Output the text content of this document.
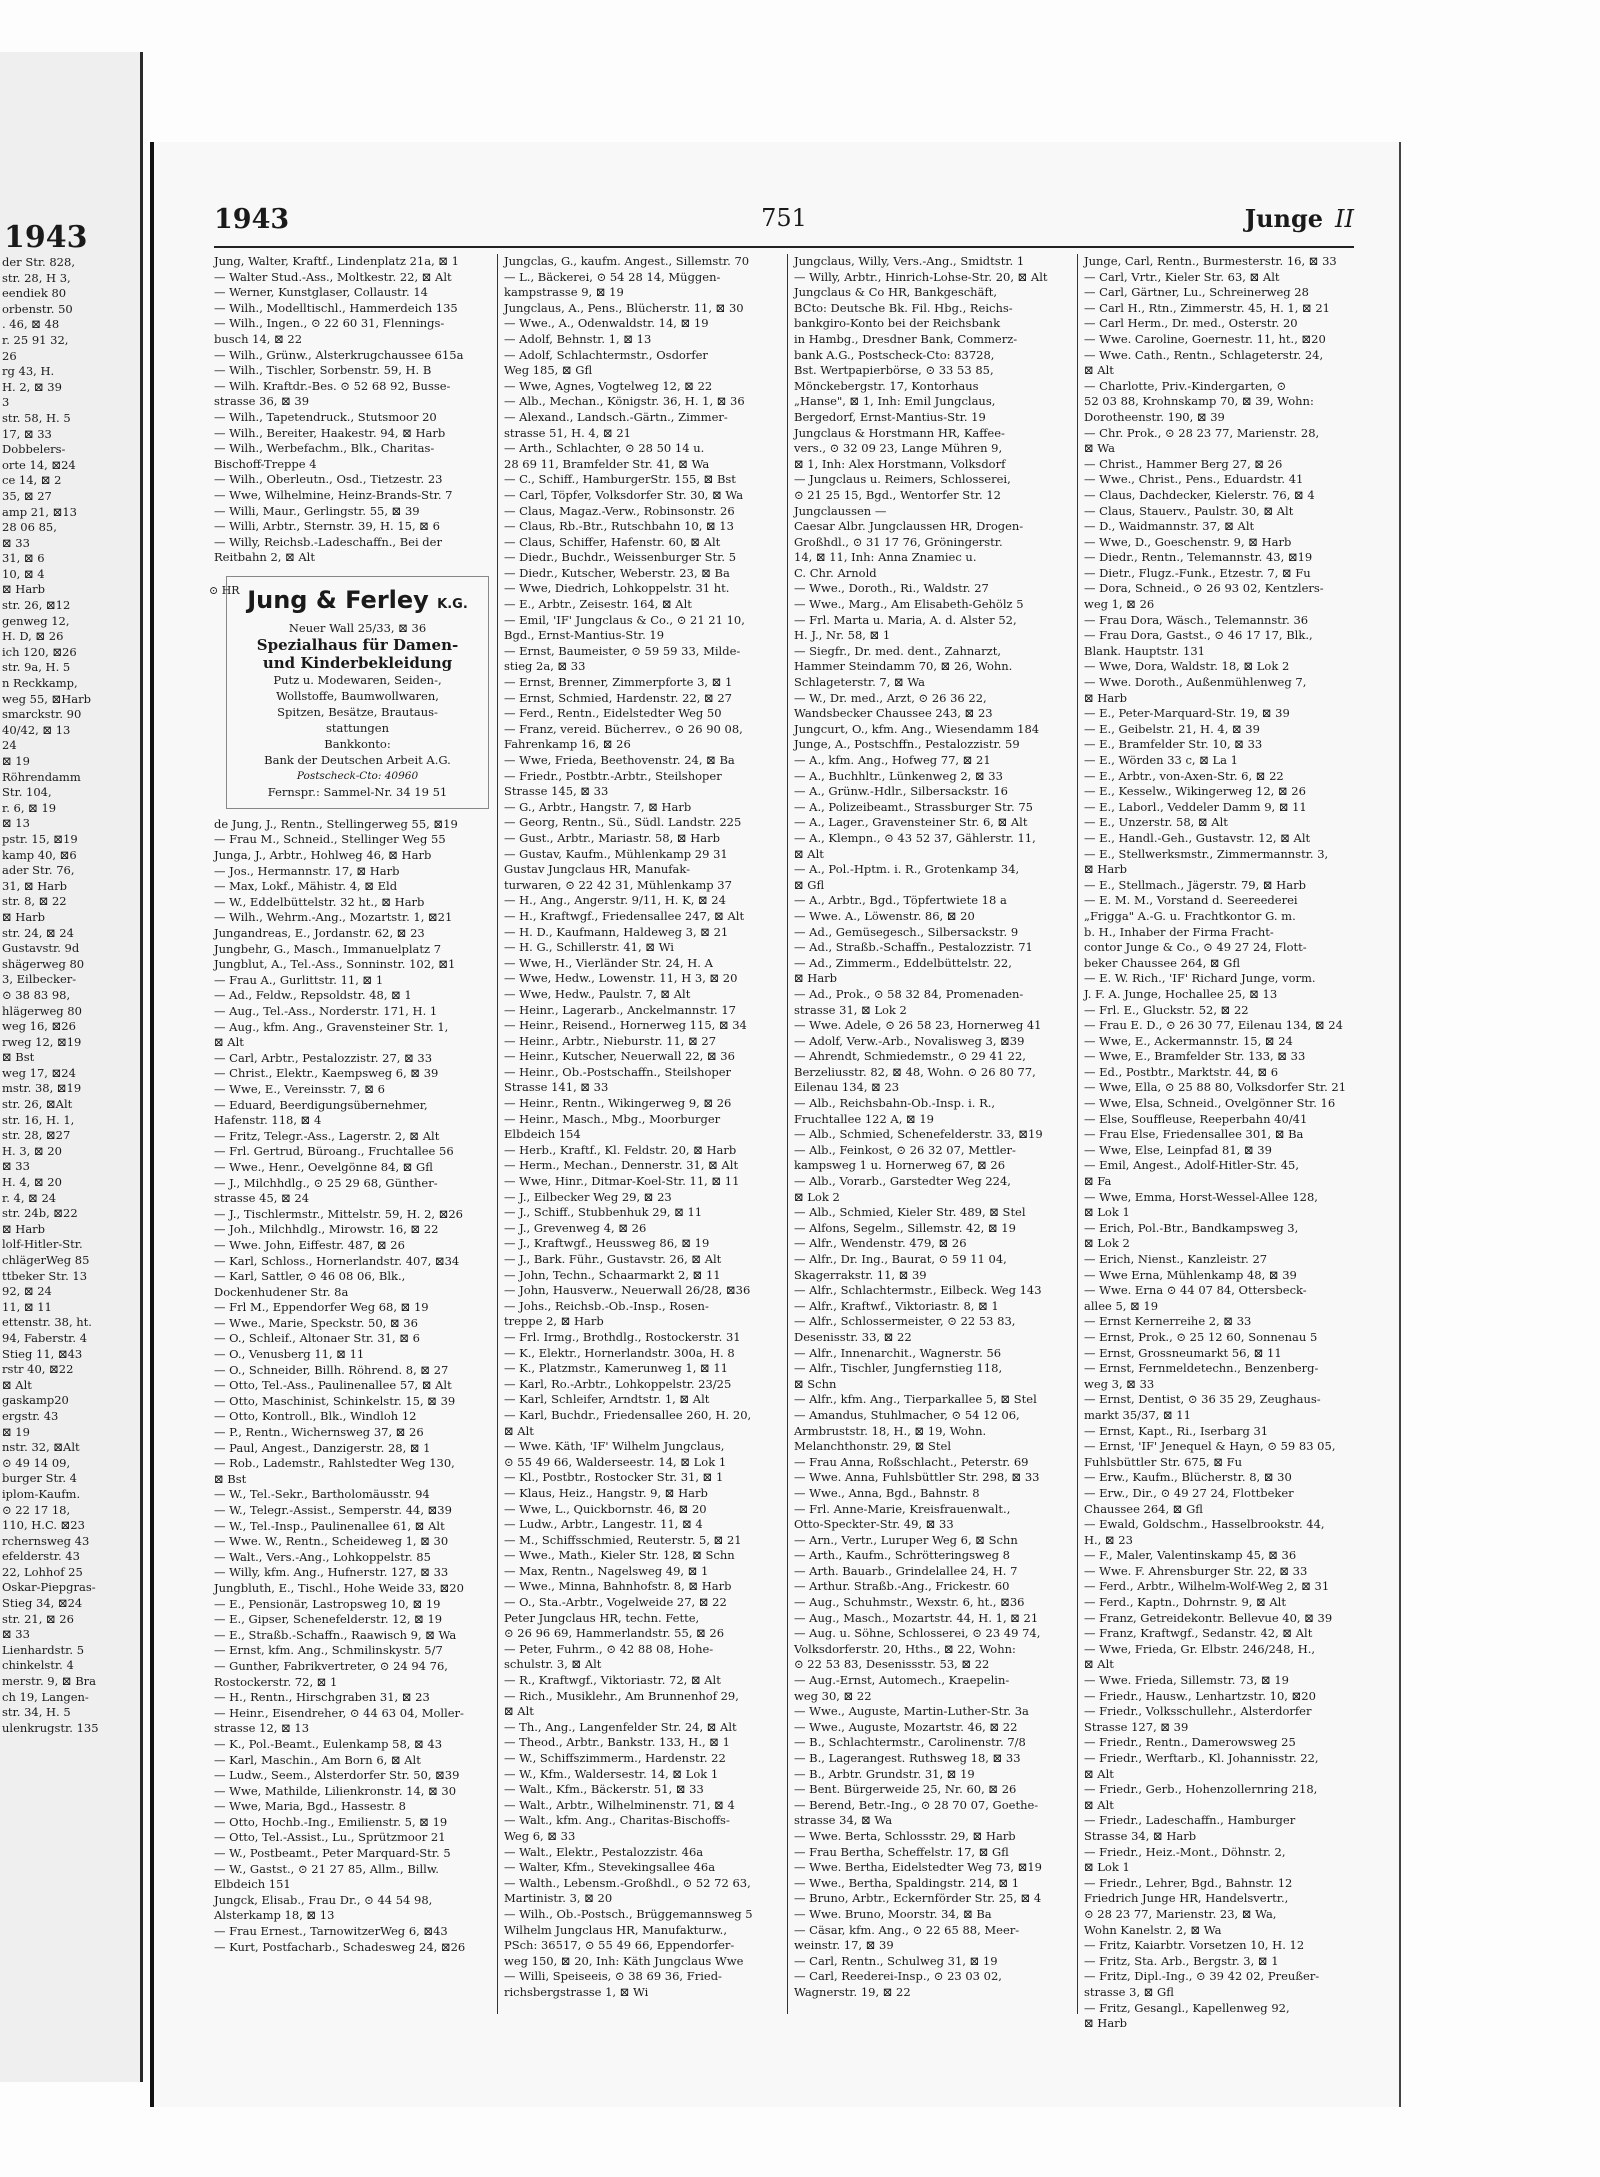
1943
der Str. 828,
str. 28, H 3,
eendiek 80
orbenstr. 50
. 46, ⊠ 48
r. 25 91 32,
26
rg 43, H.
H. 2, ⊠ 39
3
str. 58, H. 5
17, ⊠ 33
Dobbelers-
orte 14, ⊠24
ce 14, ⊠ 2
35, ⊠ 27
amp 21, ⊠13
28 06 85,
⊠ 33
31, ⊠ 6
10, ⊠ 4
⊠ Harb
str. 26, ⊠12
genweg 12,
H. D, ⊠ 26
ich 120, ⊠26
str. 9a, H. 5
n Reckkamp,
weg 55, ⊠Harb
smarckstr. 90
40/42, ⊠ 13
24
⊠ 19
Röhrendamm
Str. 104,
r. 6, ⊠ 19
⊠ 13
pstr. 15, ⊠19
kamp 40, ⊠6
ader Str. 76,
31, ⊠ Harb
str. 8, ⊠ 22
⊠ Harb
str. 24, ⊠ 24
Gustavstr. 9d
shägerweg 80
3, Eilbecker-
⊙ 38 83 98,
hlägerweg 80
weg 16, ⊠26
rweg 12, ⊠19
⊠ Bst
weg 17, ⊠24
mstr. 38, ⊠19
str. 26, ⊠Alt
str. 16, H. 1,
str. 28, ⊠27
H. 3, ⊠ 20
⊠ 33
H. 4, ⊠ 20
r. 4, ⊠ 24
str. 24b, ⊠22
⊠ Harb
lolf-Hitler-Str.
chlägerWeg 85
ttbeker Str. 13
92, ⊠ 24
11, ⊠ 11
ettenstr. 38, ht.
94, Faberstr. 4
Stieg 11, ⊠43
rstr 40, ⊠22
⊠ Alt
gaskamp20
ergstr. 43
⊠ 19
nstr. 32, ⊠Alt
⊙ 49 14 09,
burger Str. 4
iplom-Kaufm.
⊙ 22 17 18,
110, H.C. ⊠23
rchernsweg 43
efelderstr. 43
22, Lohhof 25
Oskar-Piepgras-
Stieg 34, ⊠24
str. 21, ⊠ 26
⊠ 33
Lienhardstr. 5
chinkelstr. 4
merstr. 9, ⊠ Bra
ch 19, Langen-
str. 34, H. 5
ulenkrugstr. 135
1943	751	Junge II
Jung, Walter, Kraftf., Lindenplatz 21a, ⊠ 1
— Walter Stud.-Ass., Moltkestr. 22, ⊠ Alt
— Werner, Kunstglaser, Collaustr. 14
— Wilh., Modelltischl., Hammerdeich 135
— Wilh., Ingen., ⊙ 22 60 31, Flennings-
busch 14, ⊠ 22
— Wilh., Grünw., Alsterkrugchaussee 615a
— Wilh., Tischler, Sorbenstr. 59, H. B
— Wilh. Kraftdr.-Bes. ⊙ 52 68 92, Busse-
strasse 36, ⊠ 39
— Wilh., Tapetendruck., Stutsmoor 20
— Wilh., Bereiter, Haakestr. 94, ⊠ Harb
— Wilh., Werbefachm., Blk., Charitas-
Bischoff-Treppe 4
— Wilh., Oberleutn., Osd., Tietzestr. 23
— Wwe, Wilhelmine, Heinz-Brands-Str. 7
— Willi, Maur., Gerlingstr. 55, ⊠ 39
— Willi, Arbtr., Sternstr. 39, H. 15, ⊠ 6
— Willy, Reichsb.-Ladeschaffn., Bei der
Reitbahn 2, ⊠ Alt
⊙ HR Jung & Ferley K.G.
Neuer Wall 25/33, ⊠ 36
Spezialhaus für Damen-
und Kinderbekleidung
Putz u. Modewaren, Seiden-,
Wollstoffe, Baumwollwaren,
Spitzen, Besätze, Brautaus-
stattungen
Bankkonto:
Bank der Deutschen Arbeit A.G.
Postscheck-Cto: 40960
Fernspr.: Sammel-Nr. 34 19 51
de Jung, J., Rentn., Stellingerweg 55, ⊠19
— Frau M., Schneid., Stellinger Weg 55
Junga, J., Arbtr., Hohlweg 46, ⊠ Harb
— Jos., Hermannstr. 17, ⊠ Harb
— Max, Lokf., Mähistr. 4, ⊠ Eld
— W., Eddelbüttelstr. 32 ht., ⊠ Harb
— Wilh., Wehrm.-Ang., Mozartstr. 1, ⊠21
Jungandreas, E., Jordanstr. 62, ⊠ 23
Jungbehr, G., Masch., Immanuelplatz 7
Jungblut, A., Tel.-Ass., Sonninstr. 102, ⊠1
— Frau A., Gurlittstr. 11, ⊠ 1
— Ad., Feldw., Repsoldstr. 48, ⊠ 1
— Aug., Tel.-Ass., Norderstr. 171, H. 1
— Aug., kfm. Ang., Gravensteiner Str. 1,
⊠ Alt
— Carl, Arbtr., Pestalozzistr. 27, ⊠ 33
— Christ., Elektr., Kaempsweg 6, ⊠ 39
— Wwe, E., Vereinsstr. 7, ⊠ 6
— Eduard, Beerdigungsübernehmer,
Hafenstr. 118, ⊠ 4
— Fritz, Telegr.-Ass., Lagerstr. 2, ⊠ Alt
— Frl. Gertrud, Büroang., Fruchtallee 56
— Wwe., Henr., Oevelgönne 84, ⊠ Gfl
— J., Milchhdlg., ⊙ 25 29 68, Günther-
strasse 45, ⊠ 24
— J., Tischlermstr., Mittelstr. 59, H. 2, ⊠26
— Joh., Milchhdlg., Mirowstr. 16, ⊠ 22
— Wwe. John, Eiffestr. 487, ⊠ 26
— Karl, Schloss., Hornerlandstr. 407, ⊠34
— Karl, Sattler, ⊙ 46 08 06, Blk.,
Dockenhudener Str. 8a
— Frl M., Eppendorfer Weg 68, ⊠ 19
— Wwe., Marie, Speckstr. 50, ⊠ 36
— O., Schleif., Altonaer Str. 31, ⊠ 6
— O., Venusberg 11, ⊠ 11
— O., Schneider, Billh. Röhrend. 8, ⊠ 27
— Otto, Tel.-Ass., Paulinenallee 57, ⊠ Alt
— Otto, Maschinist, Schinkelstr. 15, ⊠ 39
— Otto, Kontroll., Blk., Windloh 12
— P., Rentn., Wichernsweg 37, ⊠ 26
— Paul, Angest., Danzigerstr. 28, ⊠ 1
— Rob., Lademstr., Rahlstedter Weg 130,
⊠ Bst
— W., Tel.-Sekr., Bartholomäusstr. 94
— W., Telegr.-Assist., Semperstr. 44, ⊠39
— W., Tel.-Insp., Paulinenallee 61, ⊠ Alt
— Wwe. W., Rentn., Scheideweg 1, ⊠ 30
— Walt., Vers.-Ang., Lohkoppelstr. 85
— Willy, kfm. Ang., Hufnerstr. 127, ⊠ 33
Jungbluth, E., Tischl., Hohe Weide 33, ⊠20
— E., Pensionär, Lastropsweg 10, ⊠ 19
— E., Gipser, Schenefelderstr. 12, ⊠ 19
— E., Straßb.-Schaffn., Raawisch 9, ⊠ Wa
— Ernst, kfm. Ang., Schmilinskystr. 5/7
— Gunther, Fabrikvertreter, ⊙ 24 94 76,
Rostockerstr. 72, ⊠ 1
— H., Rentn., Hirschgraben 31, ⊠ 23
— Heinr., Eisendreher, ⊙ 44 63 04, Moller-
strasse 12, ⊠ 13
— K., Pol.-Beamt., Eulenkamp 58, ⊠ 43
— Karl, Maschin., Am Born 6, ⊠ Alt
— Ludw., Seem., Alsterdorfer Str. 50, ⊠39
— Wwe, Mathilde, Lilienkronstr. 14, ⊠ 30
— Wwe, Maria, Bgd., Hassestr. 8
— Otto, Hochb.-Ing., Emilienstr. 5, ⊠ 19
— Otto, Tel.-Assist., Lu., Sprützmoor 21
— W., Postbeamt., Peter Marquard-Str. 5
— W., Gastst., ⊙ 21 27 85, Allm., Billw.
Elbdeich 151
Jungck, Elisab., Frau Dr., ⊙ 44 54 98,
Alsterkamp 18, ⊠ 13
— Frau Ernest., TarnowitzerWeg 6, ⊠43
— Kurt, Postfacharb., Schadesweg 24, ⊠26
Jungclas, G., kaufm. Angest., Sillemstr. 70
— L., Bäckerei, ⊙ 54 28 14, Müggen-
kampstrasse 9, ⊠ 19
Jungclaus, A., Pens., Blücherstr. 11, ⊠ 30
— Wwe., A., Odenwaldstr. 14, ⊠ 19
— Adolf, Behnstr. 1, ⊠ 13
— Adolf, Schlachtermstr., Osdorfer
Weg 185, ⊠ Gfl
— Wwe, Agnes, Vogtelweg 12, ⊠ 22
— Alb., Mechan., Königstr. 36, H. 1, ⊠ 36
— Alexand., Landsch.-Gärtn., Zimmer-
strasse 51, H. 4, ⊠ 21
— Arth., Schlachter, ⊙ 28 50 14 u.
28 69 11, Bramfelder Str. 41, ⊠ Wa
— C., Schiff., HamburgerStr. 155, ⊠ Bst
— Carl, Töpfer, Volksdorfer Str. 30, ⊠ Wa
— Claus, Magaz.-Verw., Robinsonstr. 26
— Claus, Rb.-Btr., Rutschbahn 10, ⊠ 13
— Claus, Schiffer, Hafenstr. 60, ⊠ Alt
— Diedr., Buchdr., Weissenburger Str. 5
— Diedr., Kutscher, Weberstr. 23, ⊠ Ba
— Wwe, Diedrich, Lohkoppelstr. 31 ht.
— E., Arbtr., Zeisestr. 164, ⊠ Alt
— Emil, 'IF' Jungclaus & Co., ⊙ 21 21 10,
Bgd., Ernst-Mantius-Str. 19
— Ernst, Baumeister, ⊙ 59 59 33, Milde-
stieg 2a, ⊠ 33
— Ernst, Brenner, Zimmerpforte 3, ⊠ 1
— Ernst, Schmied, Hardenstr. 22, ⊠ 27
— Ferd., Rentn., Eidelstedter Weg 50
— Franz, vereid. Bücherrev., ⊙ 26 90 08,
Fahrenkamp 16, ⊠ 26
— Wwe, Frieda, Beethovenstr. 24, ⊠ Ba
— Friedr., Postbtr.-Arbtr., Steilshoper
Strasse 145, ⊠ 33
— G., Arbtr., Hangstr. 7, ⊠ Harb
— Georg, Rentn., Sü., Südl. Landstr. 225
— Gust., Arbtr., Mariastr. 58, ⊠ Harb
— Gustav, Kaufm., Mühlenkamp 29 31
Gustav Jungclaus HR, Manufak-
turwaren, ⊙ 22 42 31, Mühlenkamp 37
— H., Ang., Angerstr. 9/11, H. K, ⊠ 24
— H., Kraftwgf., Friedensallee 247, ⊠ Alt
— H. D., Kaufmann, Haldeweg 3, ⊠ 21
— H. G., Schillerstr. 41, ⊠ Wi
— Wwe, H., Vierländer Str. 24, H. A
— Wwe, Hedw., Lowenstr. 11, H 3, ⊠ 20
— Wwe, Hedw., Paulstr. 7, ⊠ Alt
— Heinr., Lagerarb., Anckelmannstr. 17
— Heinr., Reisend., Hornerweg 115, ⊠ 34
— Heinr., Arbtr., Nieburstr. 11, ⊠ 27
— Heinr., Kutscher, Neuerwall 22, ⊠ 36
— Heinr., Ob.-Postschaffn., Steilshoper
Strasse 141, ⊠ 33
— Heinr., Rentn., Wikingerweg 9, ⊠ 26
— Heinr., Masch., Mbg., Moorburger
Elbdeich 154
— Herb., Kraftf., Kl. Feldstr. 20, ⊠ Harb
— Herm., Mechan., Dennerstr. 31, ⊠ Alt
— Wwe, Hinr., Ditmar-Koel-Str. 11, ⊠ 11
— J., Eilbecker Weg 29, ⊠ 23
— J., Schiff., Stubbenhuk 29, ⊠ 11
— J., Grevenweg 4, ⊠ 26
— J., Kraftwgf., Heussweg 86, ⊠ 19
— J., Bark. Führ., Gustavstr. 26, ⊠ Alt
— John, Techn., Schaarmarkt 2, ⊠ 11
— John, Hausverw., Neuerwall 26/28, ⊠36
— Johs., Reichsb.-Ob.-Insp., Rosen-
treppe 2, ⊠ Harb
— Frl. Irmg., Brothdlg., Rostockerstr. 31
— K., Elektr., Hornerlandstr. 300a, H. 8
— K., Platzmstr., Kamerunweg 1, ⊠ 11
— Karl, Ro.-Arbtr., Lohkoppelstr. 23/25
— Karl, Schleifer, Arndtstr. 1, ⊠ Alt
— Karl, Buchdr., Friedensallee 260, H. 20,
⊠ Alt
— Wwe. Käth, 'IF' Wilhelm Jungclaus,
⊙ 55 49 66, Walderseestr. 14, ⊠ Lok 1
— Kl., Postbtr., Rostocker Str. 31, ⊠ 1
— Klaus, Heiz., Hangstr. 9, ⊠ Harb
— Wwe, L., Quickbornstr. 46, ⊠ 20
— Ludw., Arbtr., Langestr. 11, ⊠ 4
— M., Schiffsschmied, Reuterstr. 5, ⊠ 21
— Wwe., Math., Kieler Str. 128, ⊠ Schn
— Max, Rentn., Nagelsweg 49, ⊠ 1
— Wwe., Minna, Bahnhofstr. 8, ⊠ Harb
— O., Sta.-Arbtr., Vogelweide 27, ⊠ 22
Peter Jungclaus HR, techn. Fette,
⊙ 26 96 69, Hammerlandstr. 55, ⊠ 26
— Peter, Fuhrm., ⊙ 42 88 08, Hohe-
schulstr. 3, ⊠ Alt
— R., Kraftwgf., Viktoriastr. 72, ⊠ Alt
— Rich., Musiklehr., Am Brunnenhof 29,
⊠ Alt
— Th., Ang., Langenfelder Str. 24, ⊠ Alt
— Theod., Arbtr., Bankstr. 133, H., ⊠ 1
— W., Schiffszimmerm., Hardenstr. 22
— W., Kfm., Waldersestr. 14, ⊠ Lok 1
— Walt., Kfm., Bäckerstr. 51, ⊠ 33
— Walt., Arbtr., Wilhelminenstr. 71, ⊠ 4
— Walt., kfm. Ang., Charitas-Bischoffs-
Weg 6, ⊠ 33
— Walt., Elektr., Pestalozzistr. 46a
— Walter, Kfm., Stevekingsallee 46a
— Walth., Lebensm.-Großhdl., ⊙ 52 72 63,
Martinistr. 3, ⊠ 20
— Wilh., Ob.-Postsch., Brüggemannsweg 5
Wilhelm Jungclaus HR, Manufakturw.,
PSch: 36517, ⊙ 55 49 66, Eppendorfer-
weg 150, ⊠ 20, Inh: Käth Jungclaus Wwe
— Willi, Speiseeis, ⊙ 38 69 36, Fried-
richsbergstrasse 1, ⊠ Wi
Jungclaus, Willy, Vers.-Ang., Smidtstr. 1
— Willy, Arbtr., Hinrich-Lohse-Str. 20, ⊠ Alt
Jungclaus & Co HR, Bankgeschäft,
BCto: Deutsche Bk. Fil. Hbg., Reichs-
bankgiro-Konto bei der Reichsbank
in Hambg., Dresdner Bank, Commerz-
bank A.G., Postscheck-Cto: 83728,
Bst. Wertpapierbörse, ⊙ 33 53 85,
Mönckebergstr. 17, Kontorhaus
„Hanse", ⊠ 1, Inh: Emil Jungclaus,
Bergedorf, Ernst-Mantius-Str. 19
Jungclaus & Horstmann HR, Kaffee-
vers., ⊙ 32 09 23, Lange Mühren 9,
⊠ 1, Inh: Alex Horstmann, Volksdorf
— Jungclaus u. Reimers, Schlosserei,
⊙ 21 25 15, Bgd., Wentorfer Str. 12
Jungclaussen —
Caesar Albr. Jungclaussen HR, Drogen-
Großhdl., ⊙ 31 17 76, Gröningerstr.
14, ⊠ 11, Inh: Anna Znamiec u.
C. Chr. Arnold
— Wwe., Doroth., Ri., Waldstr. 27
— Wwe., Marg., Am Elisabeth-Gehölz 5
— Frl. Marta u. Maria, A. d. Alster 52,
H. J., Nr. 58, ⊠ 1
— Siegfr., Dr. med. dent., Zahnarzt,
Hammer Steindamm 70, ⊠ 26, Wohn.
Schlageterstr. 7, ⊠ Wa
— W., Dr. med., Arzt, ⊙ 26 36 22,
Wandsbecker Chaussee 243, ⊠ 23
Jungcurt, O., kfm. Ang., Wiesendamm 184
Junge, A., Postschffn., Pestalozzistr. 59
— A., kfm. Ang., Hofweg 77, ⊠ 21
— A., Buchhltr., Lünkenweg 2, ⊠ 33
— A., Grünw.-Hdlr., Silbersackstr. 16
— A., Polizeibeamt., Strassburger Str. 75
— A., Lager., Gravensteiner Str. 6, ⊠ Alt
— A., Klempn., ⊙ 43 52 37, Gählerstr. 11,
⊠ Alt
— A., Pol.-Hptm. i. R., Grotenkamp 34,
⊠ Gfl
— A., Arbtr., Bgd., Töpfertwiete 18 a
— Wwe. A., Löwenstr. 86, ⊠ 20
— Ad., Gemüsegesch., Silbersackstr. 9
— Ad., Straßb.-Schaffn., Pestalozzistr. 71
— Ad., Zimmerm., Eddelbüttelstr. 22,
⊠ Harb
— Ad., Prok., ⊙ 58 32 84, Promenaden-
strasse 31, ⊠ Lok 2
— Wwe. Adele, ⊙ 26 58 23, Hornerweg 41
— Adolf, Verw.-Arb., Novalisweg 3, ⊠39
— Ahrendt, Schmiedemstr., ⊙ 29 41 22,
Berzeliusstr. 82, ⊠ 48, Wohn. ⊙ 26 80 77,
Eilenau 134, ⊠ 23
— Alb., Reichsbahn-Ob.-Insp. i. R.,
Fruchtallee 122 A, ⊠ 19
— Alb., Schmied, Schenefelderstr. 33, ⊠19
— Alb., Feinkost, ⊙ 26 32 07, Mettler-
kampsweg 1 u. Hornerweg 67, ⊠ 26
— Alb., Vorarb., Garstedter Weg 224,
⊠ Lok 2
— Alb., Schmied, Kieler Str. 489, ⊠ Stel
— Alfons, Segelm., Sillemstr. 42, ⊠ 19
— Alfr., Wendenstr. 479, ⊠ 26
— Alfr., Dr. Ing., Baurat, ⊙ 59 11 04,
Skagerrakstr. 11, ⊠ 39
— Alfr., Schlachtermstr., Eilbeck. Weg 143
— Alfr., Kraftwf., Viktoriastr. 8, ⊠ 1
— Alfr., Schlossermeister, ⊙ 22 53 83,
Desenisstr. 33, ⊠ 22
— Alfr., Innenarchit., Wagnerstr. 56
— Alfr., Tischler, Jungfernstieg 118,
⊠ Schn
— Alfr., kfm. Ang., Tierparkallee 5, ⊠ Stel
— Amandus, Stuhlmacher, ⊙ 54 12 06,
Armbruststr. 18, H., ⊠ 19, Wohn.
Melanchthonstr. 29, ⊠ Stel
— Frau Anna, Roßschlacht., Peterstr. 69
— Wwe. Anna, Fuhlsbüttler Str. 298, ⊠ 33
— Wwe., Anna, Bgd., Bahnstr. 8
— Frl. Anne-Marie, Kreisfrauenwalt.,
Otto-Speckter-Str. 49, ⊠ 33
— Arn., Vertr., Luruper Weg 6, ⊠ Schn
— Arth., Kaufm., Schröttering​sweg 8
— Arth. Bauarb., Grindelallee 24, H. 7
— Arthur. Straßb.-Ang., Frickestr. 60
— Aug., Schuhmstr., Wexstr. 6, ht., ⊠36
— Aug., Masch., Mozartstr. 44, H. 1, ⊠ 21
— Aug. u. Söhne, Schlosserei, ⊙ 23 49 74,
Volksdorferstr. 20, Hths., ⊠ 22, Wohn:
⊙ 22 53 83, Desenissstr. 53, ⊠ 22
— Aug.-Ernst, Automech., Kraepelin-
weg 30, ⊠ 22
— Wwe., Auguste, Martin-Luther-Str. 3a
— Wwe., Auguste, Mozartstr. 46, ⊠ 22
— B., Schlachtermstr., Carolinenstr. 7/8
— B., Lagerangest. Ruthsweg 18, ⊠ 33
— B., Arbtr. Grundstr. 31, ⊠ 19
— Bent. Bürgerweide 25, Nr. 60, ⊠ 26
— Berend, Betr.-Ing., ⊙ 28 70 07, Goethe-
strasse 34, ⊠ Wa
— Wwe. Berta, Schlossstr. 29, ⊠ Harb
— Frau Bertha, Scheffelstr. 17, ⊠ Gfl
— Wwe. Bertha, Eidelstedter Weg 73, ⊠19
— Wwe., Bertha, Spaldingstr. 214, ⊠ 1
— Bruno, Arbtr., Eckernförder Str. 25, ⊠ 4
— Wwe. Bruno, Moorstr. 34, ⊠ Ba
— Cäsar, kfm. Ang., ⊙ 22 65 88, Meer-
weinstr. 17, ⊠ 39
— Carl, Rentn., Schulweg 31, ⊠ 19
— Carl, Reederei-Insp., ⊙ 23 03 02,
Wagnerstr. 19, ⊠ 22
Junge, Carl, Rentn., Burmesterstr. 16, ⊠ 33
— Carl, Vrtr., Kieler Str. 63, ⊠ Alt
— Carl, Gärtner, Lu., Schreinerweg 28
— Carl H., Rtn., Zimmerstr. 45, H. 1, ⊠ 21
— Carl Herm., Dr. med., Osterstr. 20
— Wwe. Caroline, Goernestr. 11, ht., ⊠20
— Wwe. Cath., Rentn., Schlageterstr. 24,
⊠ Alt
— Charlotte, Priv.-Kindergarten, ⊙
52 03 88, Krohnskamp 70, ⊠ 39, Wohn:
Dorotheenstr. 190, ⊠ 39
— Chr. Prok., ⊙ 28 23 77, Marienstr. 28,
⊠ Wa
— Christ., Hammer Berg 27, ⊠ 26
— Wwe., Christ., Pens., Eduardstr. 41
— Claus, Dachdecker, Kielerstr. 76, ⊠ 4
— Claus, Stauerv., Paulstr. 30, ⊠ Alt
— D., Waidmannstr. 37, ⊠ Alt
— Wwe, D., Goeschenstr. 9, ⊠ Harb
— Diedr., Rentn., Telemannstr. 43, ⊠19
— Dietr., Flugz.-Funk., Etzestr. 7, ⊠ Fu
— Dora, Schneid., ⊙ 26 93 02, Kentzlers-
weg 1, ⊠ 26
— Frau Dora, Wäsch., Telemannstr. 36
— Frau Dora, Gastst., ⊙ 46 17 17, Blk.,
Blank. Hauptstr. 131
— Wwe, Dora, Waldstr. 18, ⊠ Lok 2
— Wwe. Doroth., Außenmühlenweg 7,
⊠ Harb
— E., Peter-Marquard-Str. 19, ⊠ 39
— E., Geibelstr. 21, H. 4, ⊠ 39
— E., Bramfelder Str. 10, ⊠ 33
— E., Wörden 33 c, ⊠ La 1
— E., Arbtr., von-Axen-Str. 6, ⊠ 22
— E., Kesselw., Wikingerweg 12, ⊠ 26
— E., Laborl., Veddeler Damm 9, ⊠ 11
— E., Unzerstr. 58, ⊠ Alt
— E., Handl.-Geh., Gustavstr. 12, ⊠ Alt
— E., Stellwerksmstr., Zimmermannstr. 3,
⊠ Harb
— E., Stellmach., Jägerstr. 79, ⊠ Harb
— E. M. M., Vorstand d. Seereederei
„Frigga" A.-G. u. Frachtkontor G. m.
b. H., Inhaber der Firma Fracht-
contor Junge & Co., ⊙ 49 27 24, Flott-
beker Chaussee 264, ⊠ Gfl
— E. W. Rich., 'IF' Richard Junge, vorm.
J. F. A. Junge, Hochallee 25, ⊠ 13
— Frl. E., Gluckstr. 52, ⊠ 22
— Frau E. D., ⊙ 26 30 77, Eilenau 134, ⊠ 24
— Wwe, E., Ackermannstr. 15, ⊠ 24
— Wwe, E., Bramfelder Str. 133, ⊠ 33
— Ed., Postbtr., Marktstr. 44, ⊠ 6
— Wwe, Ella, ⊙ 25 88 80, Volksdorfer Str. 21
— Wwe, Elsa, Schneid., Ovelgönner Str. 16
— Else, Souffleuse, Reeperbahn 40/41
— Frau Else, Friedensallee 301, ⊠ Ba
— Wwe, Else, Leinpfad 81, ⊠ 39
— Emil, Angest., Adolf-Hitler-Str. 45,
⊠ Fa
— Wwe, Emma, Horst-Wessel-Allee 128,
⊠ Lok 1
— Erich, Pol.-Btr., Bandkampsweg 3,
⊠ Lok 2
— Erich, Nienst., Kanzleistr. 27
— Wwe Erna, Mühlenkamp 48, ⊠ 39
— Wwe. Erna ⊙ 44 07 84, Ottersbeck-
allee 5, ⊠ 19
— Ernst Kernerreihe 2, ⊠ 33
— Ernst, Prok., ⊙ 25 12 60, Sonnenau 5
— Ernst, Grossneumarkt 56, ⊠ 11
— Ernst, Fernmeldetechn., Benzenberg-
weg 3, ⊠ 33
— Ernst, Dentist, ⊙ 36 35 29, Zeughaus-
markt 35/37, ⊠ 11
— Ernst, Kapt., Ri., Iserbarg 31
— Ernst, 'IF' Jenequel & Hayn, ⊙ 59 83 05,
Fuhlsbüttler Str. 675, ⊠ Fu
— Erw., Kaufm., Blücherstr. 8, ⊠ 30
— Erw., Dir., ⊙ 49 27 24, Flottbeker
Chaussee 264, ⊠ Gfl
— Ewald, Goldschm., Hasselbrookstr. 44,
H., ⊠ 23
— F., Maler, Valentinskamp 45, ⊠ 36
— Wwe. F. Ahrensburger Str. 22, ⊠ 33
— Ferd., Arbtr., Wilhelm-Wolf-Weg 2, ⊠ 31
— Ferd., Kaptn., Dohrnstr. 9, ⊠ Alt
— Franz, Getreidekontr. Bellevue 40, ⊠ 39
— Franz, Kraftwgf., Sedanstr. 42, ⊠ Alt
— Wwe, Frieda, Gr. Elbstr. 246/248, H.,
⊠ Alt
— Wwe. Frieda, Sillemstr. 73, ⊠ 19
— Friedr., Hausw., Lenhartzstr. 10, ⊠20
— Friedr., Volksschullehr., Alsterdorfer
Strasse 127, ⊠ 39
— Friedr., Rentn., Damerowsweg 25
— Friedr., Werftarb., Kl. Johannisstr. 22,
⊠ Alt
— Friedr., Gerb., Hohenzollernring 218,
⊠ Alt
— Friedr., Ladeschaffn., Hamburger
Strasse 34, ⊠ Harb
— Friedr., Heiz.-Mont., Döhnstr. 2,
⊠ Lok 1
— Friedr., Lehrer, Bgd., Bahnstr. 12
Friedrich Junge HR, Handelsvertr.,
⊙ 28 23 77, Marienstr. 23, ⊠ Wa,
Wohn Kanelstr. 2, ⊠ Wa
— Fritz, Kaiarbtr. Vorsetzen 10, H. 12
— Fritz, Sta. Arb., Bergstr. 3, ⊠ 1
— Fritz, Dipl.-Ing., ⊙ 39 42 02, Preußer-
strasse 3, ⊠ Gfl
— Fritz, Gesangl., Kapellenweg 92,
⊠ Harb
